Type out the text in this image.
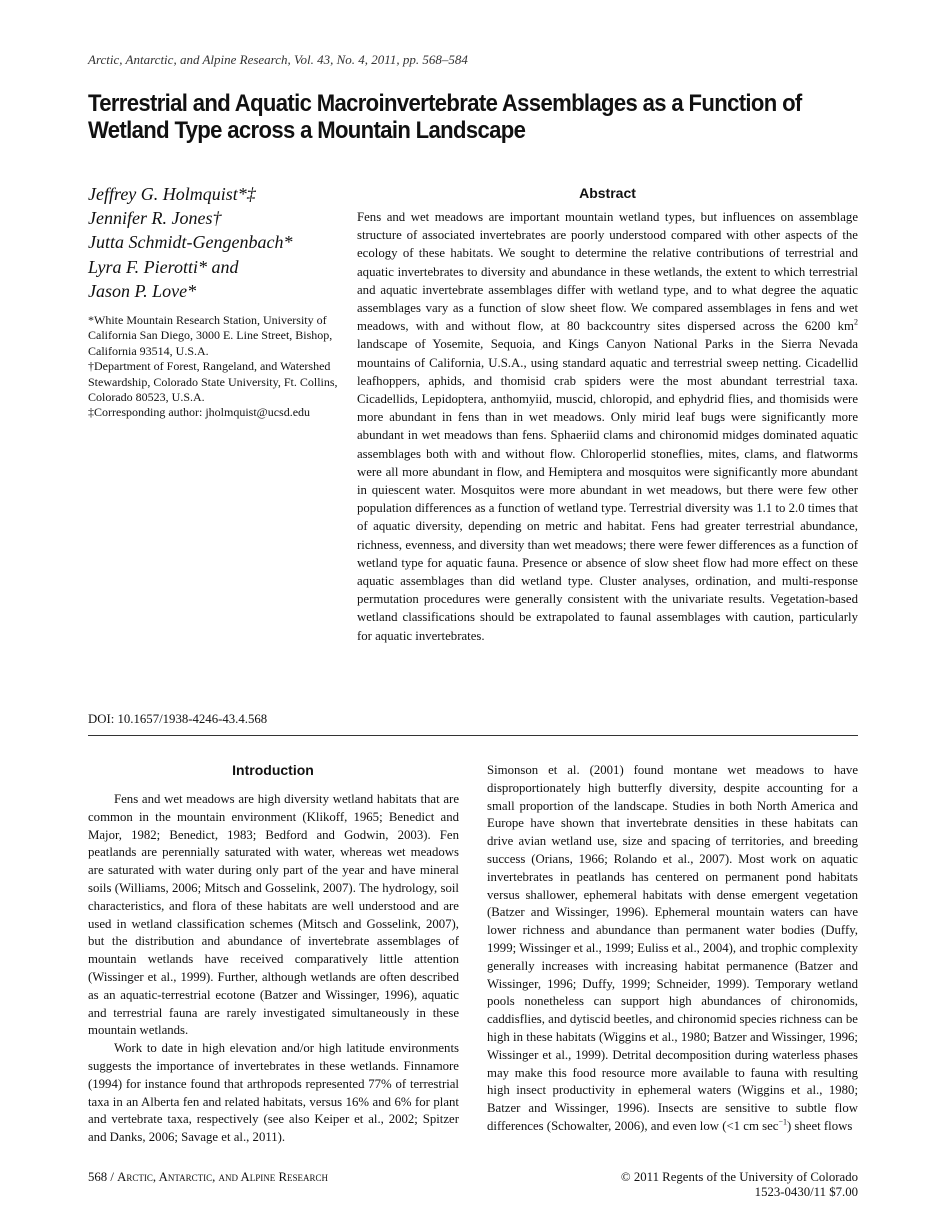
Arctic, Antarctic, and Alpine Research, Vol. 43, No. 4, 2011, pp. 568–584
Terrestrial and Aquatic Macroinvertebrate Assemblages as a Function of Wetland Type across a Mountain Landscape
Jeffrey G. Holmquist*‡
Jennifer R. Jones†
Jutta Schmidt-Gengenbach*
Lyra F. Pierotti* and
Jason P. Love*

*White Mountain Research Station, University of California San Diego, 3000 E. Line Street, Bishop, California 93514, U.S.A.

†Department of Forest, Rangeland, and Watershed Stewardship, Colorado State University, Ft. Collins, Colorado 80523, U.S.A.

‡Corresponding author: jholmquist@ucsd.edu

Abstract
Fens and wet meadows are important mountain wetland types, but influences on assemblage structure of associated invertebrates are poorly understood compared with other aspects of the ecology of these habitats. We sought to determine the relative contributions of terrestrial and aquatic invertebrates to diversity and abundance in these wetlands, the extent to which terrestrial and aquatic invertebrate assemblages differ with wetland type, and to what degree the aquatic assemblages vary as a function of slow sheet flow. We compared assemblages in fens and wet meadows, with and without flow, at 80 backcountry sites dispersed across the 6200 $km^2$ landscape of Yosemite, Sequoia, and Kings Canyon National Parks in the Sierra Nevada mountains of California, U.S.A., using standard aquatic and terrestrial sweep netting. Cicadellid leafhoppers, aphids, and thomisid crab spiders were the most abundant terrestrial taxa. Cicadellids, Lepidoptera, anthomyiid, muscid, chloropid, and ephydrid flies, and thomisids were more abundant in fens than in wet meadows. Only mirid leaf bugs were significantly more abundant in wet meadows than fens. Sphaeriid clams and chironomid midges dominated aquatic assemblages both with and without flow. Chloroperlid stoneflies, mites, clams, and flatworms were all more abundant in flow, and Hemiptera and mosquitos were significantly more abundant in quiescent water. Mosquitos were more abundant in wet meadows, but there were few other population differences as a function of wetland type. Terrestrial diversity was 1.1 to 2.0 times that of aquatic diversity, depending on metric and habitat. Fens had greater terrestrial abundance, richness, evenness, and diversity than wet meadows; there were fewer differences as a function of wetland type for aquatic fauna. Presence or absence of slow sheet flow had more effect on these aquatic assemblages than did wetland type. Cluster analyses, ordination, and multi-response permutation procedures were generally consistent with the univariate results. Vegetation-based wetland classifications should be extrapolated to faunal assemblages with caution, particularly for aquatic invertebrates.
DOI: 10.1657/1938-4246-43.4.568
Introduction

Fens and wet meadows are high diversity wetland habitats that are common in the mountain environment (Klikoff, 1965; Benedict and Major, 1982; Benedict, 1983; Bedford and Godwin, 2003). Fen peatlands are perennially saturated with water, whereas wet meadows are saturated with water during only part of the year and have mineral soils (Williams, 2006; Mitsch and Gosselink, 2007). The hydrology, soil characteristics, and flora of these habitats are well understood and are used in wetland classification schemes (Mitsch and Gosselink, 2007), but the distribution and abundance of invertebrate assemblages of mountain wetlands have received comparatively little attention (Wissinger et al., 1999). Further, although wetlands are often described as an aquatic-terrestrial ecotone (Batzer and Wissinger, 1996), aquatic and terrestrial fauna are rarely investigated simultaneously in these mountain wetlands.

Work to date in high elevation and/or high latitude environments suggests the importance of invertebrates in these wetlands. Finnamore (1994) for instance found that arthropods represented 77% of terrestrial taxa in an Alberta fen and related habitats, versus 16% and 6% for plant and vertebrate taxa, respectively (see also Keiper et al., 2002; Spitzer and Danks, 2006; Savage et al., 2011).

Simonson et al. (2001) found montane wet meadows to have disproportionately high butterfly diversity, despite accounting for a small proportion of the landscape. Studies in both North America and Europe have shown that invertebrate densities in these habitats can drive avian wetland use, size and spacing of territories, and breeding success (Orians, 1966; Rolando et al., 2007). Most work on aquatic invertebrates in peatlands has centered on permanent pond habitats versus shallower, ephemeral habitats with dense emergent vegetation (Batzer and Wissinger, 1996). Ephemeral mountain waters can have lower richness and abundance than permanent water bodies (Duffy, 1999; Wissinger et al., 1999; Euliss et al., 2004), and trophic complexity generally increases with increasing habitat permanence (Batzer and Wissinger, 1996; Duffy, 1999; Schneider, 1999). Temporary wetland pools nonetheless can support high abundances of chironomids, caddisflies, and dytiscid beetles, and chironomid species richness can be high in these habitats (Wiggins et al., 1980; Batzer and Wissinger, 1996; Wissinger et al., 1999). Detrital decomposition during waterless phases may make this food resource more available to fauna with resulting high insect productivity in ephemeral waters (Wiggins et al., 1980; Batzer and Wissinger, 1996). Insects are sensitive to subtle flow differences (Schowalter, 2006), and even low (<1 cm $\sec^{-1}$) sheet flows

568 / Arctic, Antarctic, and Alpine Research	© 2011 Regents of the University of Colorado
1523-0430/11 $7.00
